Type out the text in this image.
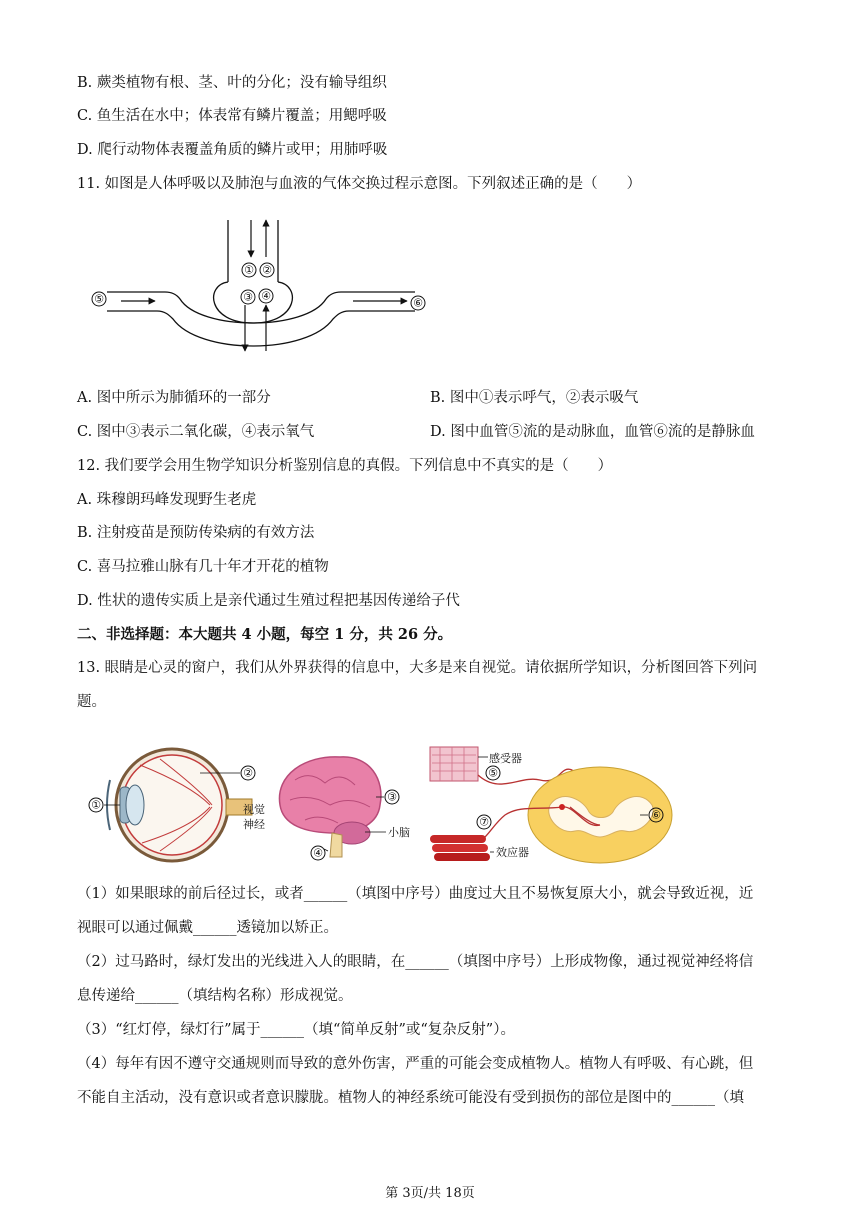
B. 蕨类植物有根、茎、叶的分化；没有输导组织
C. 鱼生活在水中；体表常有鳞片覆盖；用鳃呼吸
D. 爬行动物体表覆盖角质的鳞片或甲；用肺呼吸
11. 如图是人体呼吸以及肺泡与血液的气体交换过程示意图。下列叙述正确的是（　　）
① ②
③ ④
⑤	⑥
A. 图中所示为肺循环的一部分	B. 图中①表示呼气，②表示吸气
C. 图中③表示二氧化碳，④表示氧气	D. 图中血管⑤流的是动脉血，血管⑥流的是静脉血
12. 我们要学会用生物学知识分析鉴别信息的真假。下列信息中不真实的是（　　）
A. 珠穆朗玛峰发现野生老虎
B. 注射疫苗是预防传染病的有效方法
C. 喜马拉雅山脉有几十年才开花的植物
D. 性状的遗传实质上是亲代通过生殖过程把基因传递给子代
二、非选择题：本大题共 4 小题，每空 1 分，共 26 分。
13. 眼睛是心灵的窗户，我们从外界获得的信息中，大多是来自视觉。请依据所学知识，分析图回答下列问
题。
①
②
视觉
神经
③
小脑
④
感受器
⑤
⑥
⑦
效应器
（1）如果眼球的前后径过长，或者______（填图中序号）曲度过大且不易恢复原大小，就会导致近视，近
视眼可以通过佩戴______透镜加以矫正。
（2）过马路时，绿灯发出的光线进入人的眼睛，在______（填图中序号）上形成物像，通过视觉神经将信
息传递给______（填结构名称）形成视觉。
（3）“红灯停，绿灯行”属于______（填“简单反射”或“复杂反射”）。
（4）每年有因不遵守交通规则而导致的意外伤害，严重的可能会变成植物人。植物人有呼吸、有心跳，但
不能自主活动，没有意识或者意识朦胧。植物人的神经系统可能没有受到损伤的部位是图中的______（填
第 3页/共 18页
